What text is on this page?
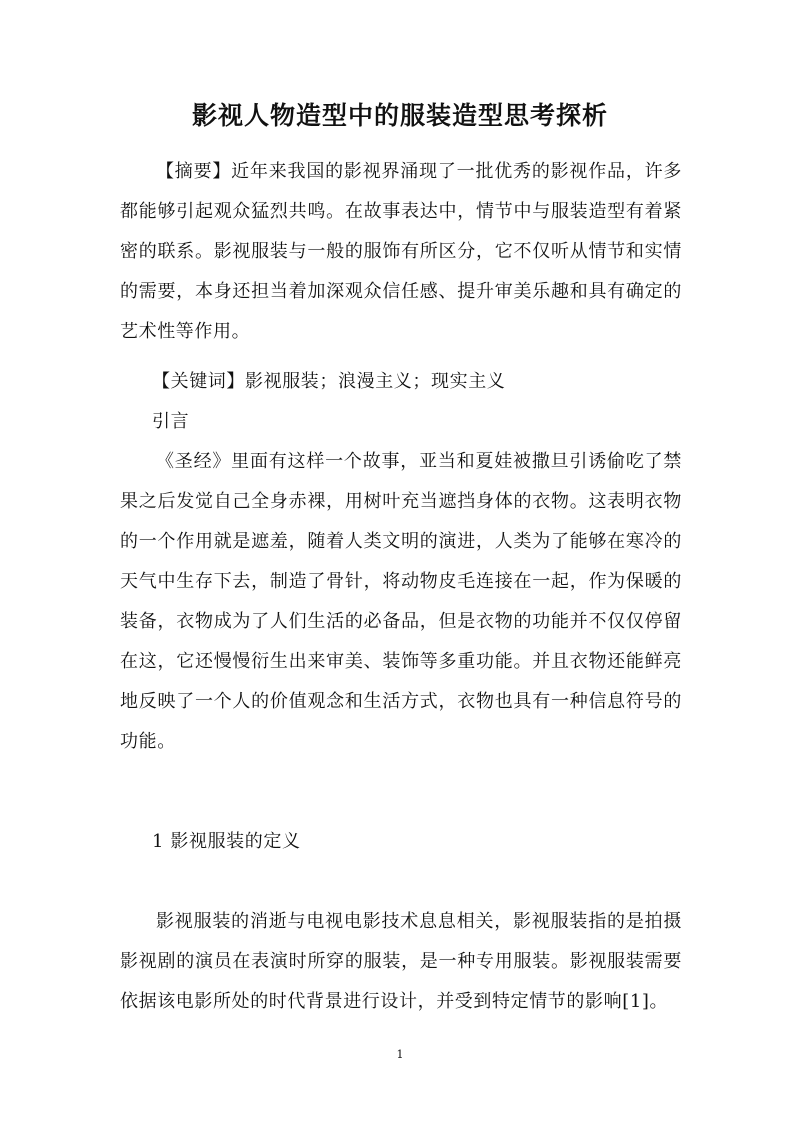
影视人物造型中的服装造型思考探析

【摘要】近年来我国的影视界涌现了一批优秀的影视作品，许多都能够引起观众猛烈共鸣。在故事表达中，情节中与服装造型有着紧密的联系。影视服装与一般的服饰有所区分，它不仅听从情节和实情的需要，本身还担当着加深观众信任感、提升审美乐趣和具有确定的艺术性等作用。

【关键词】影视服装；浪漫主义；现实主义

引言

《圣经》里面有这样一个故事，亚当和夏娃被撒旦引诱偷吃了禁果之后发觉自己全身赤裸，用树叶充当遮挡身体的衣物。这表明衣物的一个作用就是遮羞，随着人类文明的演进，人类为了能够在寒冷的天气中生存下去，制造了骨针，将动物皮毛连接在一起，作为保暖的装备，衣物成为了人们生活的必备品，但是衣物的功能并不仅仅停留在这，它还慢慢衍生出来审美、装饰等多重功能。并且衣物还能鲜亮地反映了一个人的价值观念和生活方式，衣物也具有一种信息符号的功能。

1 影视服装的定义

影视服装的消逝与电视电影技术息息相关，影视服装指的是拍摄影视剧的演员在表演时所穿的服装，是一种专用服装。影视服装需要依据该电影所处的时代背景进行设计，并受到特定情节的影响[1]。

1
